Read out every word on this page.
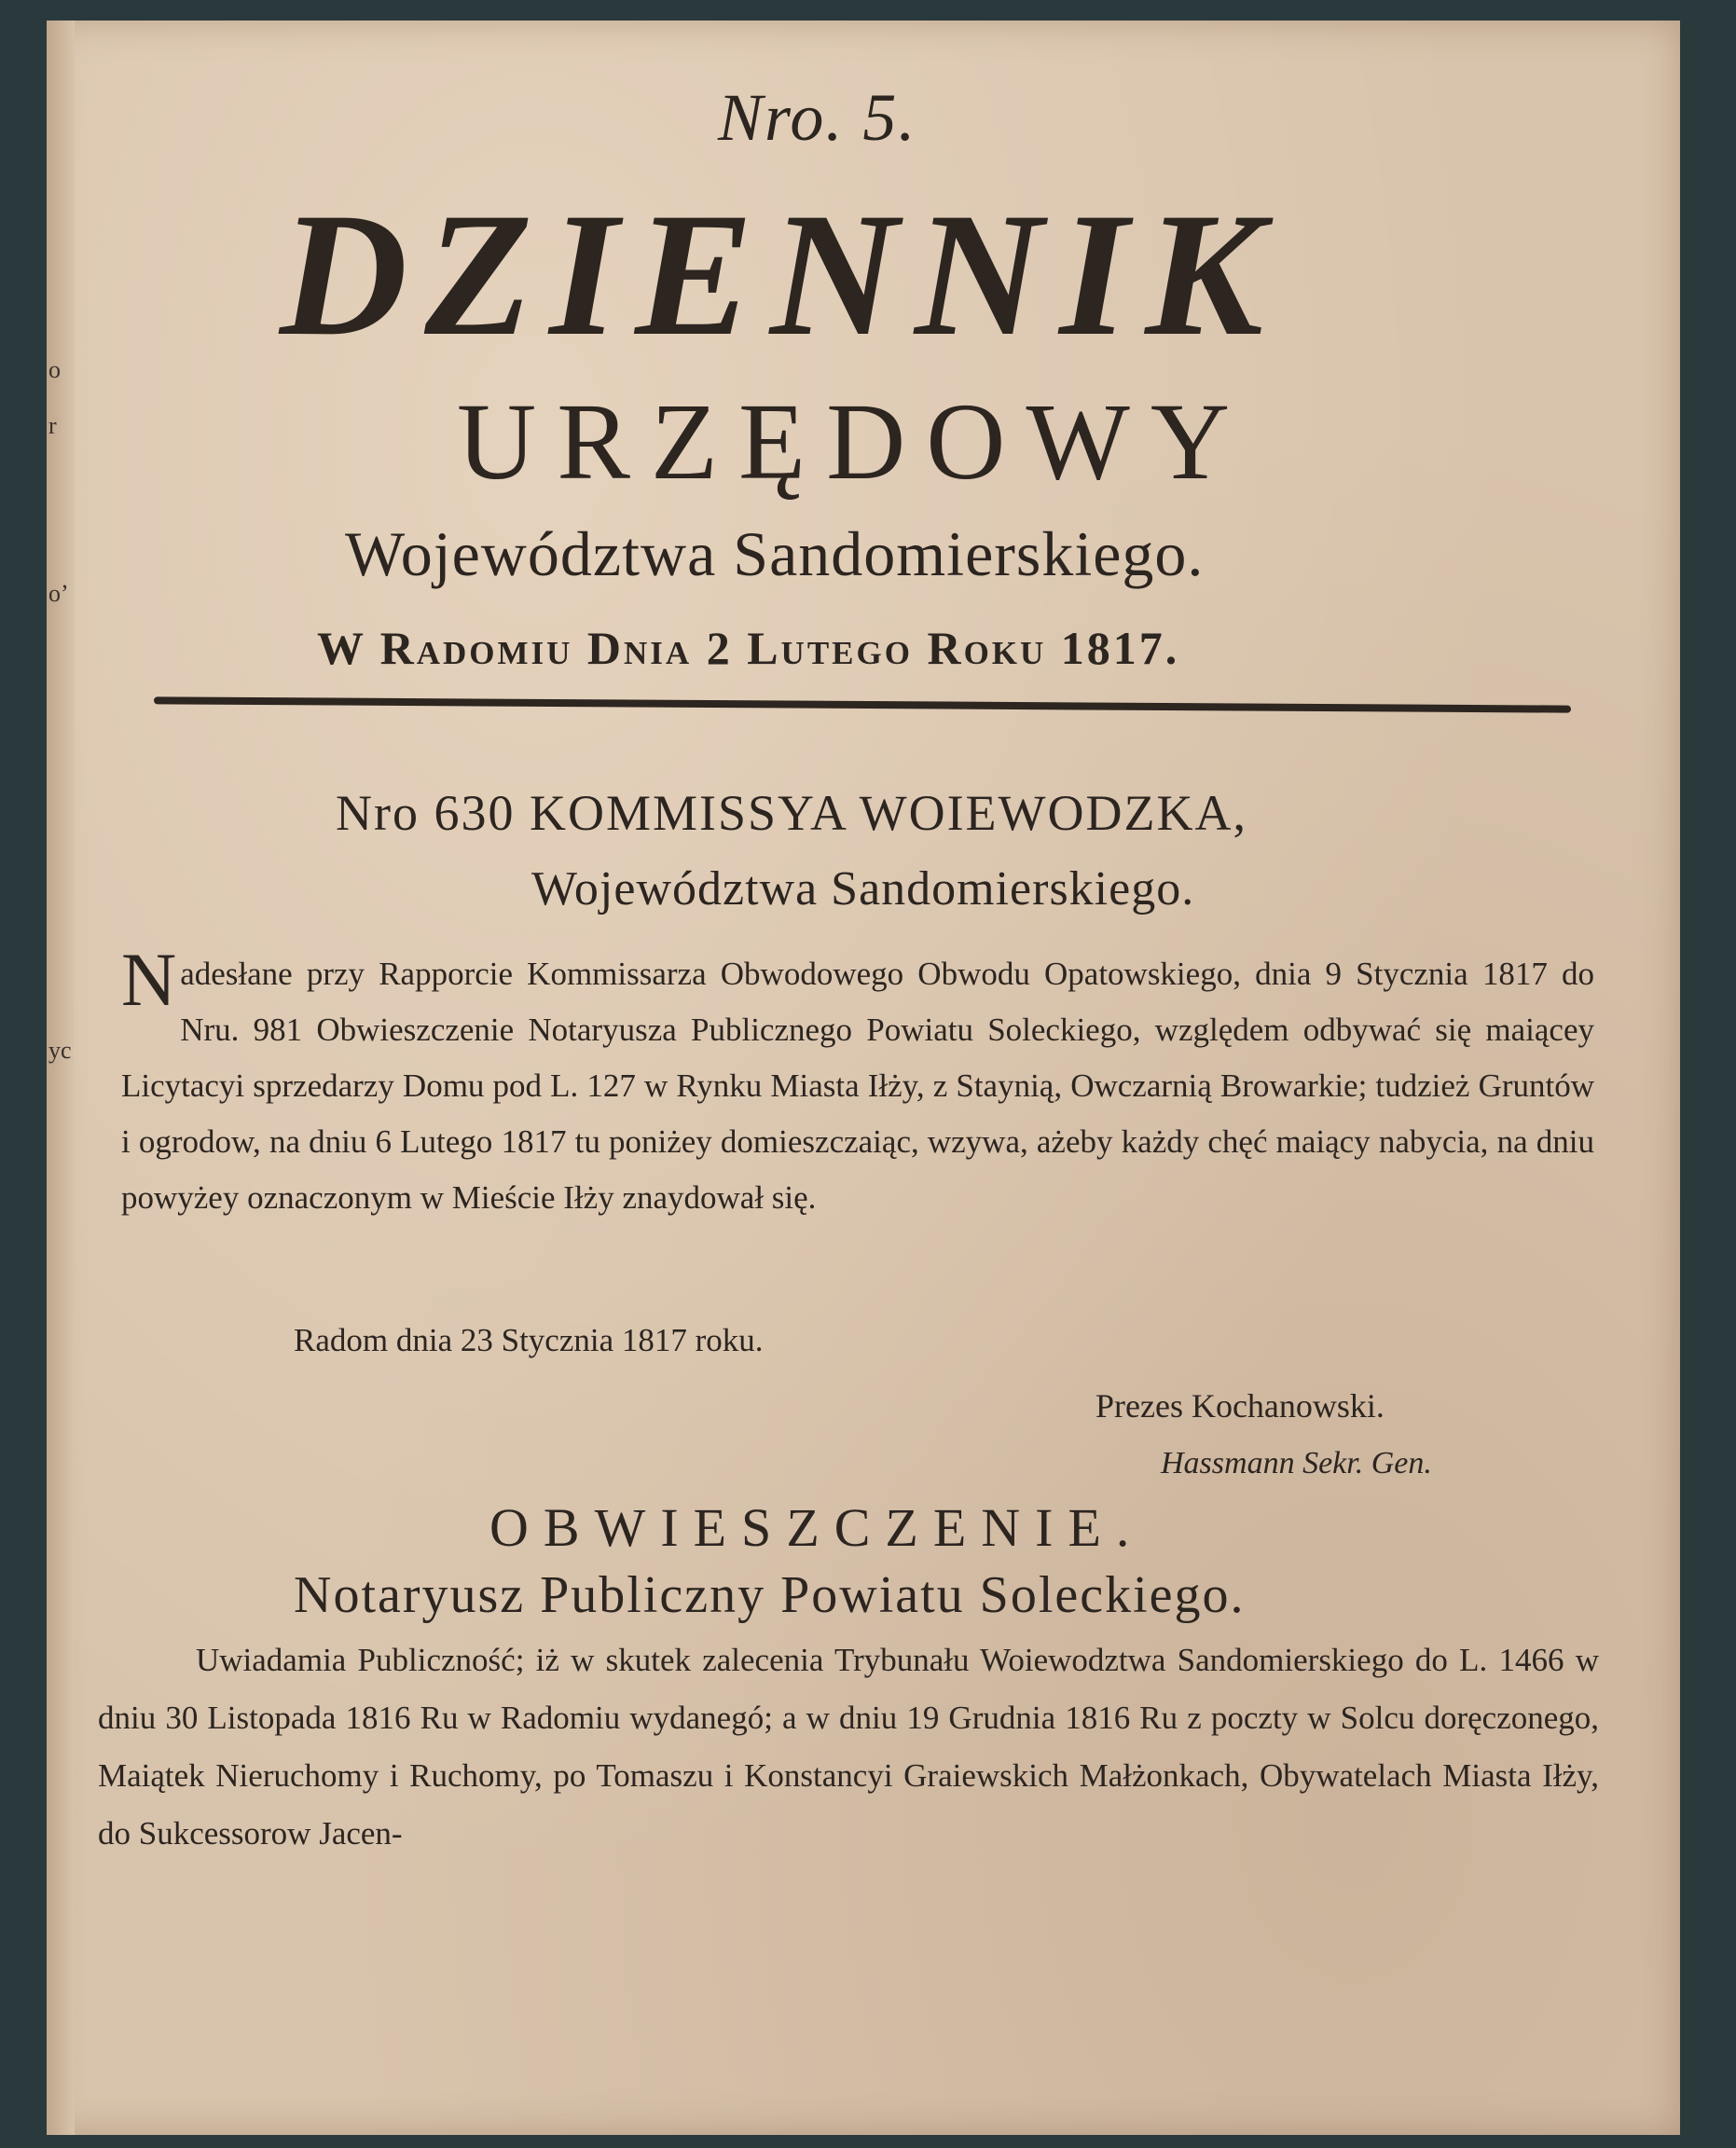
o
r
oʼ
yc
Nro. 5.
DZIENNIK
URZĘDOWY
Województwa Sandomierskiego.
W Radomiu Dnia 2 Lutego Roku 1817.
Nro 630 KOMMISSYA WOIEWODZKA,
Województwa Sandomierskiego.
Nadesłane przy Rapporcie Kommissarza Obwodowego Obwodu Opatowskiego, dnia 9 Stycznia 1817 do Nru. 981 Obwieszczenie Notaryusza Publicznego Powiatu Soleckiego, względem odbywać się maiącey Licytacyi sprzedarzy Domu pod L. 127 w Rynku Miasta Iłży, z Staynią, Owczarnią Browarkie; tudzież Gruntów i ogrodow, na dniu 6 Lutego 1817 tu poniżey domieszczaiąc, wzywa, ażeby każdy chęć maiący nabycia, na dniu powyżey oznaczonym w Mieście Iłży znaydował się.
Radom dnia 23 Stycznia 1817 roku.
Prezes Kochanowski.
Hassmann Sekr. Gen.
OBWIESZCZENIE.
Notaryusz Publiczny Powiatu Soleckiego.
Uwiadamia Publiczność; iż w skutek zalecenia Trybunału Woiewodztwa Sandomierskiego do L. 1466 w dniu 30 Listopada 1816 Ru w Radomiu wydanegó; a w dniu 19 Grudnia 1816 Ru z poczty w Solcu doręczonego, Maiątek Nieruchomy i Ruchomy, po Tomaszu i Konstancyi Graiewskich Małżonkach, Obywatelach Miasta Iłży, do Sukcessorow Jacen-
